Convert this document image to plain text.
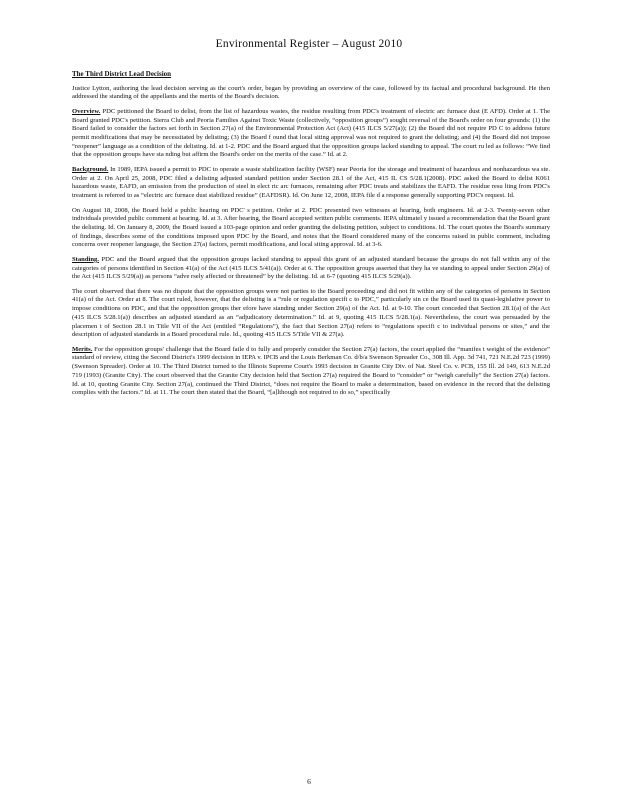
Environmental Register – August 2010
The Third District Lead Decision

Justice Lytton, authoring the lead decision serving as the court's order, began by providing an overview of the case, followed by its factual and procedural background. He then addressed the standing of the appellants and the merits of the Board's decision.

Overview. PDC petitioned the Board to delist, from the list of hazardous wastes, the residue resulting from PDC's treatment of electric arc furnace dust (E AFD). Order at 1. The Board granted PDC's petition. Sierra Club and Peoria Families Against Toxic Waste (collectively, “opposition groups”) sought reversal of the Board's order on four grounds: (1) the Board failed to consider the factors set forth in Section 27(a) of the Environmental Protection Act (Act) (415 ILCS 5/27(a)); (2) the Board did not require PD C to address future permit modifications that may be necessitated by delisting; (3) the Board f ound that local siting approval was not required to grant the delisting; and (4) the Board did not impose “reopener” language as a condition of the delisting. Id. at 1-2. PDC and the Board argued that the opposition groups lacked standing to appeal. The court ru led as follows: “We find that the opposition groups have sta nding but affirm the Board's order on the merits of the case.” Id. at 2.

Background. In 1989, IEPA issued a permit to PDC to operate a waste stabilization facility (WSF) near Peoria for the storage and treatment of hazardous and nonhazardous wa ste. Order at 2. On April 25, 2008, PDC filed a delisting adjusted standard petition under Section 28.1 of the Act, 415 IL CS 5/28.1(2008). PDC asked the Board to delist K061 hazardous waste, EAFD, an emission from the production of steel in elect ric arc furnaces, remaining after PDC treats and stabilizes the EAFD. The residue resu lting from PDC's treatment is referred to as “electric arc furnace dust stabilized residue” (EAFDSR). Id. On June 12, 2008, IEPA file d a response generally supporting PDC's request. Id.

On August 18, 2008, the Board held a public hearing on PDC' s petition. Order at 2. PDC presented two witnesses at hearing, both engineers. Id. at 2-3. Twenty-seven other individuals provided public comment at hearing. Id. at 3. After hearing, the Board accepted written public comments. IEPA ultimatel y issued a recommendation that the Board grant the delisting. Id. On January 8, 2009, the Board issued a 103-page opinion and order granting the delisting petition, subject to conditions. Id. The court quotes the Board's summary of findings, describes some of the conditions imposed upon PDC by the Board, and notes that the Board considered many of the concerns raised in public comment, including concerns over reopener language, the Section 27(a) factors, permit modifications, and local siting approval. Id. at 3-6.

Standing. PDC and the Board argued that the opposition groups lacked standing to appeal this grant of an adjusted standard because the groups do not fall within any of the categories of persons identified in Section 41(a) of the Act (415 ILCS 5/41(a)). Order at 6. The opposition groups asserted that they ha ve standing to appeal under Section 29(a) of the Act (415 ILCS 5/29(a)) as persons “adve rsely affected or threatened” by the delisting. Id. at 6-7 (quoting 415 ILCS 5/29(a)).

The court observed that there was no dispute that the opposition groups were not parties to the Board proceeding and did not fit within any of the categories of persons in Section 41(a) of the Act. Order at 8. The court ruled, however, that the delisting is a “rule or regulation specifi c to PDC,” particularly sin ce the Board used its quasi-legislative power to impose conditions on PDC, and that the opposition groups ther efore have standing under Section 29(a) of the Act. Id. at 9-10. The court conceded that Section 28.1(a) of the Act (415 ILCS 5/28.1(a)) describes an adjusted standard as an “adjudicatory determination.” Id. at 9, quoting 415 ILCS 5/28.1(a). Nevertheless, the court was persuaded by the placemen t of Section 28.1 in Title VII of the Act (entitled “Regulations”), the fact that Section 27(a) refers to “regulations specifi c to individual persons or sites,” and the description of adjusted standards in a Board procedural rule. Id., quoting 415 ILCS 5/Title VII & 27(a).

Merits. For the opposition groups' challenge that the Board faile d to fully and properly consider the Section 27(a) factors, the court applied the “manifes t weight of the evidence” standard of review, citing the Second District's 1999 decision in IEPA v. IPCB and the Louis Berkman Co. d/b/a Swenson Spreader Co., 308 Ill. App. 3d 741, 721 N.E.2d 723 (1999) (Swenson Spreader). Order at 10. The Third District turned to the Illinois Supreme Court's 1993 decision in Granite City Div. of Nat. Steel Co. v. PCB, 155 Ill. 2d 149, 613 N.E.2d 719 (1993) (Granite City). The court observed that the Granite City decision held that Section 27(a) required the Board to “consider” or “weigh carefully” the Section 27(a) factors. Id. at 10, quoting Granite City. Section 27(a), continued the Third District, “does not require the Board to make a determination, based on evidence in the record that the delisting complies with the factors.” Id. at 11. The court then stated that the Board, “[a]lthough not required to do so,” specifically

6
